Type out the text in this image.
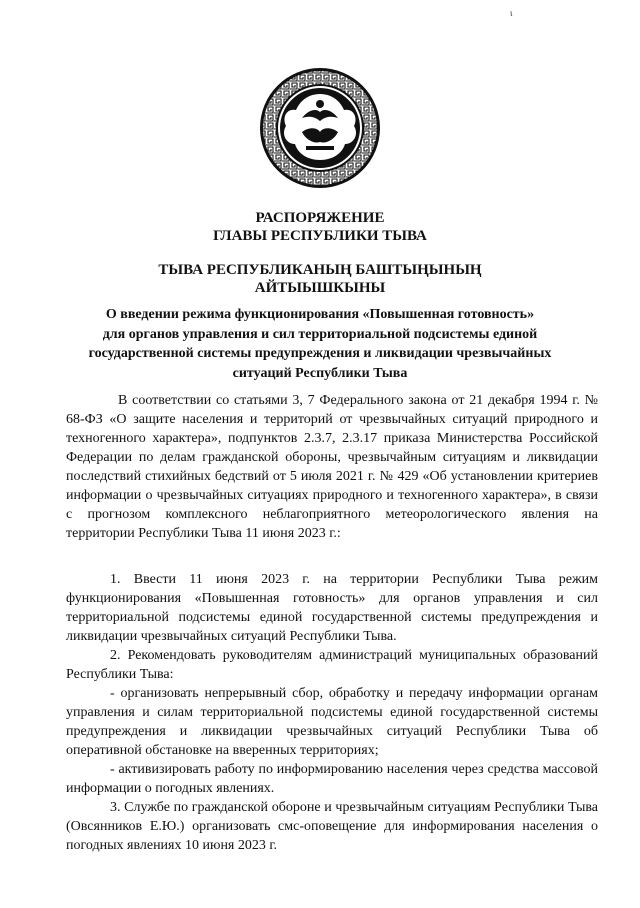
ι
РАСПОРЯЖЕНИЕ
ГЛАВЫ РЕСПУБЛИКИ ТЫВА
ТЫВА РЕСПУБЛИКАНЫҢ БАШТЫҢЫНЫҢ
АЙТЫЫШКЫНЫ
О введении режима функционирования «Повышенная готовность»
для органов управления и сил территориальной подсистемы единой
государственной системы предупреждения и ликвидации чрезвычайных
ситуаций Республики Тыва
В соответствии со статьями 3, 7 Федерального закона от 21 декабря 1994 г. № 68-ФЗ «О защите населения и территорий от чрезвычайных ситуаций природного и техногенного характера», подпунктов 2.3.7, 2.3.17 приказа Министерства Российской Федерации по делам гражданской обороны, чрезвычайным ситуациям и ликвидации последствий стихийных бедствий от 5 июля 2021 г. № 429 «Об установлении критериев информации о чрезвычайных ситуациях природного и техногенного характера», в связи с прогнозом комплексного неблагоприятного метеорологического явления на территории Республики Тыва 11 июня 2023 г.:

1. Ввести 11 июня 2023 г. на территории Республики Тыва режим функционирования «Повышенная готовность» для органов управления и сил территориальной подсистемы единой государственной системы предупреждения и ликвидации чрезвычайных ситуаций Республики Тыва.

2. Рекомендовать руководителям администраций муниципальных образований Республики Тыва:

- организовать непрерывный сбор, обработку и передачу информации органам управления и силам территориальной подсистемы единой государственной системы предупреждения и ликвидации чрезвычайных ситуаций Республики Тыва об оперативной обстановке на вверенных территориях;

- активизировать работу по информированию населения через средства массовой информации о погодных явлениях.

3. Службе по гражданской обороне и чрезвычайным ситуациям Республики Тыва (Овсянников Е.Ю.) организовать смс-оповещение для информирования населения о погодных явлениях 10 июня 2023 г.
